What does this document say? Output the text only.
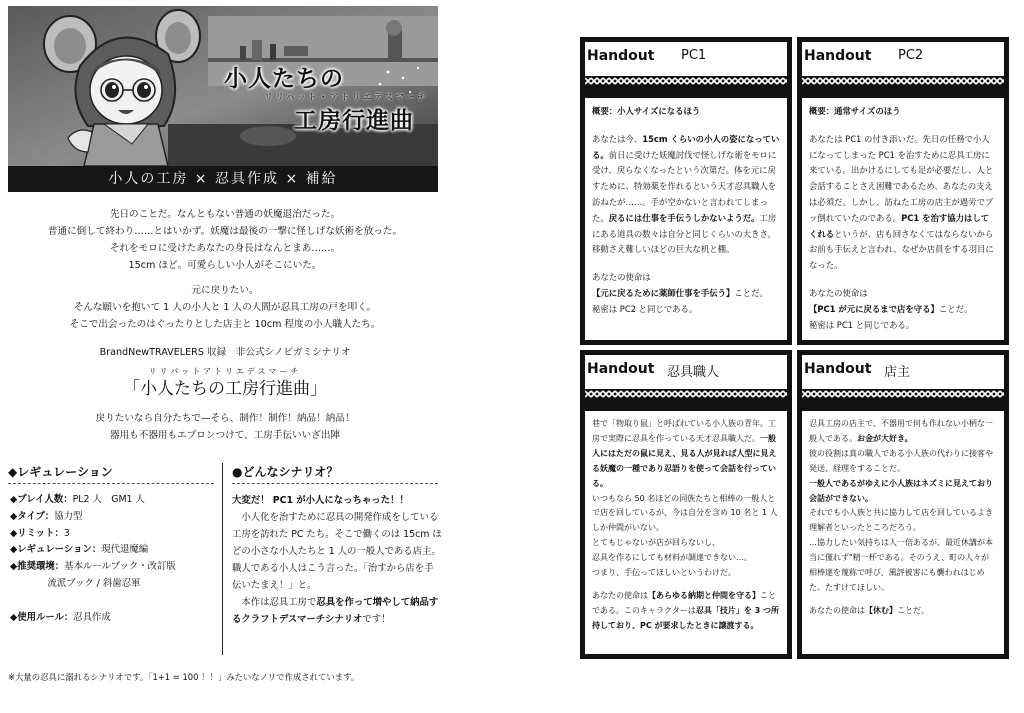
リリパット・アトリエデスマーチ
小人たちの
工房行進曲
小人の工房 × 忍具作成 × 補給

先日のことだ。なんともない普通の妖魔退治だった。

普通に倒して終わり……とはいかず。妖魔は最後の一撃に怪しげな妖術を放った。

それをモロに受けたあなたの身長はなんとまあ……。

15cm ほど。可愛らしい小人がそこにいた。

元に戻りたい。

そんな願いを抱いて 1 人の小人と 1 人の人間が忍具工房の戸を叩く。

そこで出会ったのはぐったりとした店主と 10cm 程度の小人職人たち。

BrandNewTRAVELERS 収録　非公式シノビガミシナリオ

リリパットアトリエデスマーチ
「小人たちの工房行進曲」

戻りたいなら自分たちで—そら、制作！制作！納品！納品！

器用も不器用もエプロンつけて、工房手伝いいざ出陣

◆レギュレーション	●どんなシナリオ？
◆プレイ人数：PL2 人　GM1 人
◆タイプ：協力型
◆リミット：3
◆レギュレーション：現代退魔編
◆推奨環境：基本ルールブック・改訂版
　　　　流派ブック / 斜歯忍軍
◆使用ルール：忍具作成

大変だ！ PC1 が小人になっちゃった！！

　小人化を治すために忍具の開発作成をしている工房を訪れた PC たち。そこで働くのは 15cm ほどの小さな小人たちと 1 人の一般人である店主。職人である小人はこう言った。「治すから店を手伝いたまえ！」と。

　本作は忍具工房で忍具を作って増やして納品するクラフトデスマーチシナリオです！

※大量の忍具に溺れるシナリオです。「1+1 = 100 ！！」みたいなノリで作成されています。
Handout PC1

概要：小人サイズになるほう

あなたは今、15cm くらいの小人の姿になっている。前日に受けた妖魔討伐で怪しげな術をモロに受け、戻らなくなったという次第だ。体を元に戻すために、特効薬を作れるという天才忍具職人を訪ねたが……。手が空かないと言われてしまった。戻るには仕事を手伝うしかないようだ。工房にある道具の数々は自分と同じくらいの大きさ。移動さえ難しいほどの巨大な机と棚。

あなたの使命は
【元に戻るために薬師仕事を手伝う】ことだ。

秘密は PC2 と同じである。

Handout PC2

概要：通常サイズのほう

あなたは PC1 の付き添いだ。先日の任務で小人になってしまった PC1 を治すために忍具工房に来ている。出かけるにしても足が必要だし、人と会話することさえ困難であるため、あなたの支えは必須だ。しかし、訪ねた工房の店主が過労でブッ倒れていたのである。PC1 を治す協力はしてくれるというが、店も回さなくてはならないからお前も手伝えと言われ、なぜか店員をする羽目になった。

あなたの使命は
【PC1 が元に戻るまで店を守る】ことだ。

秘密は PC1 と同じである。

Handout 忍具職人

巷で「物取り鼠」と呼ばれている小人族の青年。工房で実際に忍具を作っている天才忍具職人だ。一般人にはただの鼠に見え、見る人が見れば人型に見える妖魔の一種であり忍語りを使って会話を行っている。

いつもなら 50 名ほどの同族たちと相棒の一般人とで店を回しているが、今は自分を含め 10 名と 1 人しか仲間がいない。

とてもじゃないが店が回らないし、

忍具を作るにしても材料が調達できない…。

つまり、手伝ってほしいというわけだ。

あなたの使命は【あらゆる納期と仲間を守る】ことである。このキャラクターは忍具「技片」を 3 つ所持しており、PC が要求したときに譲渡する。

Handout 店主

忍具工房の店主で、不器用で何も作れない小柄な一般人である。お金が大好き。

彼の役割は真の職人である小人族の代わりに接客や発送、経理をすることだ。

一般人であるがゆえに小人族はネズミに見えており会話ができない。

それでも小人族と共に協力して店を回しているよき理解者といったところだろう。

…協力したい気持ちは人一倍あるが、最近休講が本当に僅れず"精一杯である。そのうえ、町の人々が相棒達を蔑称で呼び、風評被害にも襲われはじめた。たすけてほしい。

あなたの使命は【休む】ことだ。
